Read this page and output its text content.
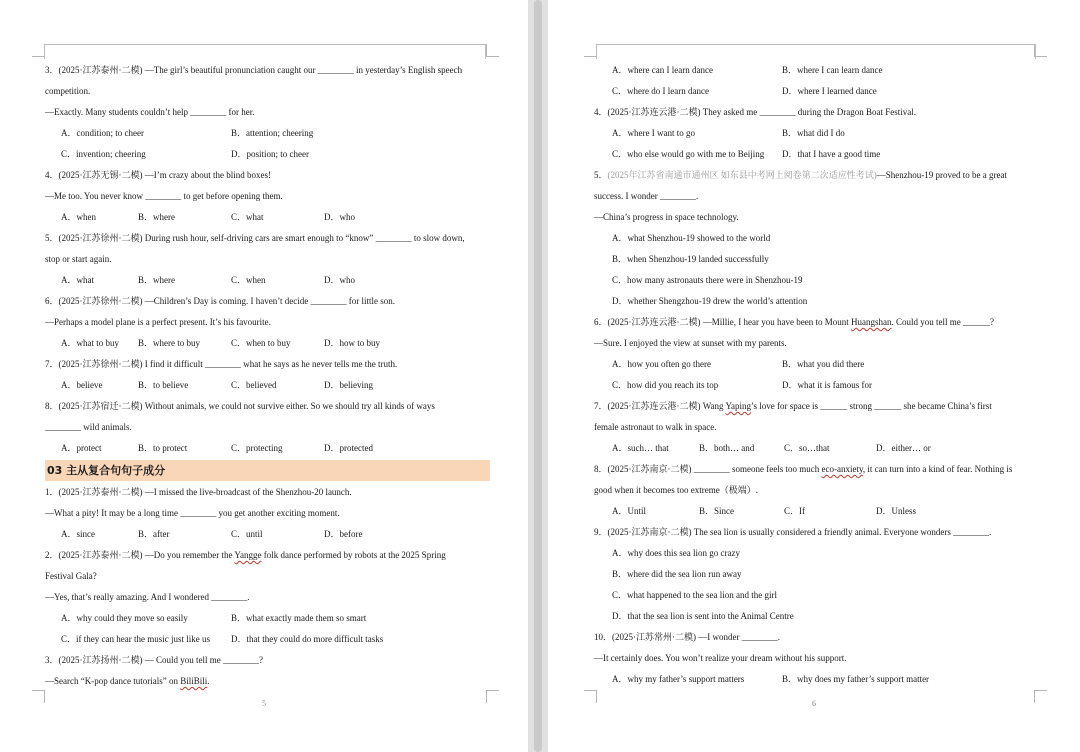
3．(2025·江苏泰州·二模) —The girl’s beautiful pronunciation caught our ________ in yesterday’s English speech
competition.
—Exactly. Many students couldn’t help ________ for her.
A．condition; to cheer	B．attention; cheering
C．invention; cheering	D．position; to cheer
4．(2025·江苏无锡·二模) —I’m crazy about the blind boxes!
—Me too. You never know ________ to get before opening them.
A．when	B．where	C．what	D．who
5．(2025·江苏徐州·二模) During rush hour, self-driving cars are smart enough to “know” ________ to slow down,
stop or start again.
A．what	B．where	C．when	D．who
6．(2025·江苏徐州·二模) —Children’s Day is coming. I haven’t decide ________ for little son.
—Perhaps a model plane is a perfect present. It’s his favourite.
A．what to buy	B．where to buy	C．when to buy	D．how to buy
7．(2025·江苏徐州·二模) I find it difficult ________ what he says as he never tells me the truth.
A．believe	B．to believe	C．believed	D．believing
8．(2025·江苏宿迁·二模) Without animals, we could not survive either. So we should try all kinds of ways
________ wild animals.
A．protect	B．to protect	C．protecting	D．protected
03 主从复合句句子成分
1．(2025·江苏泰州·二模) —I missed the live-broadcast of the Shenzhou-20 launch.
—What a pity! It may be a long time ________ you get another exciting moment.
A．since	B．after	C．until	D．before
2．(2025·江苏泰州·二模) —Do you remember the Yangge folk dance performed by robots at the 2025 Spring
Festival Gala?
—Yes, that’s really amazing. And I wondered ________.
A．why could they move so easily	B．what exactly made them so smart
C．if they can hear the music just like us	D．that they could do more difficult tasks
3．(2025·江苏扬州·二模) — Could you tell me ________?
—Search “K-pop dance tutorials” on BiliBili.
5
A．where can I learn dance	B．where I can learn dance
C．where do I learn dance	D．where I learned dance
4．(2025·江苏连云港·二模) They asked me ________ during the Dragon Boat Festival.
A．where I want to go	B．what did I do
C．who else would go with me to Beijing	D．that I have a good time
5．(2025年江苏省南通市通州区 如东县中考网上阅卷第二次适应性考试)—Shenzhou-19 proved to be a great
success. I wonder ________.
—China’s progress in space technology.
A．what Shenzhou-19 showed to the world
B．when Shenzhou-19 landed successfully
C．how many astronauts there were in Shenzhou-19
D．whether Shengzhou-19 drew the world’s attention
6．(2025·江苏连云港·二模) —Millie, I hear you have been to Mount Huangshan. Could you tell me ______?
—Sure. I enjoyed the view at sunset with my parents.
A．how you often go there	B．what you did there
C．how did you reach its top	D．what it is famous for
7．(2025·江苏连云港·二模) Wang Yaping’s love for space is ______ strong ______ she became China’s first
female astronaut to walk in space.
A．such… that	B．both… and	C．so…that	D．either… or
8．(2025·江苏南京·二模) ________ someone feels too much eco-anxiety, it can turn into a kind of fear. Nothing is
good when it becomes too extreme（极端）.
A．Until	B．Since	C．If	D．Unless
9．(2025·江苏南京·二模) The sea lion is usually considered a friendly animal. Everyone wonders ________.
A．why does this sea lion go crazy
B．where did the sea lion run away
C．what happened to the sea lion and the girl
D．that the sea lion is sent into the Animal Centre
10．(2025·江苏常州·二模) —I wonder ________.
—It certainly does. You won’t realize your dream without his support.
A．why my father’s support matters	B．why does my father’s support matter
6
